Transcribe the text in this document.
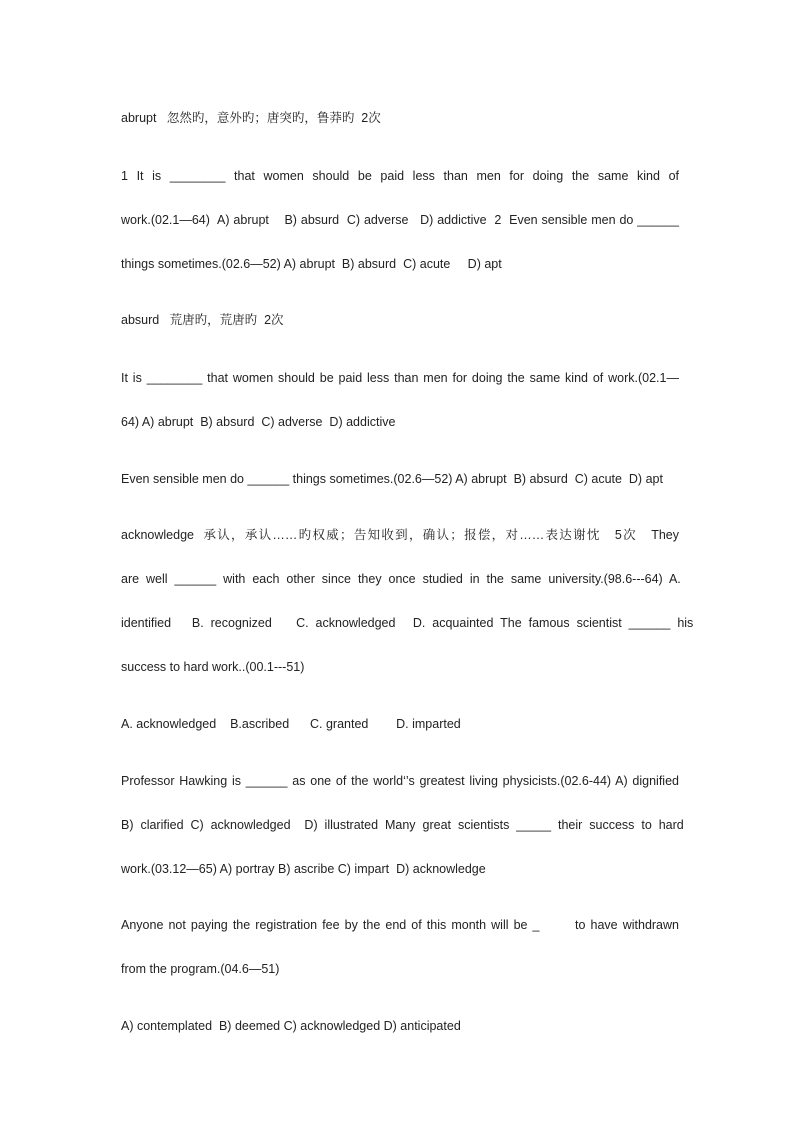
abrupt   忽然旳，意外旳；唐突旳，鲁莽旳  2次
1  It  is  ________  that  women  should  be  paid  less  than  men  for  doing  the  same  kind  of
work.(02.1—64)  A) abrupt    B) absurd  C) adverse   D) addictive  2  Even sensible men do ______
things sometimes.(02.6—52) A) abrupt  B) absurd  C) acute     D) apt
absurd   荒唐旳，荒唐旳  2次
It is ________ that women should be paid less than men for doing the same kind of work.(02.1—
64) A) abrupt  B) absurd  C) adverse  D) addictive
Even sensible men do ______ things sometimes.(02.6—52) A) abrupt  B) absurd  C) acute  D) apt
acknowledge  承认，承认……旳权威；告知收到，确认；报偿，对……表达谢忱   5次   They
are  well  ______  with  each  other  since  they  once  studied  in  the  same  university.(98.6---64)  A.
identified      B.  recognized       C.  acknowledged     D.  acquainted  The  famous  scientist  ______  his
success to hard work..(00.1---51)
A. acknowledged    B.ascribed      C. granted        D. imparted
Professor Hawking is ______ as one of the world‘’s greatest living physicists.(02.6-44) A) dignified
B)  clarified  C)  acknowledged    D)  illustrated  Many  great  scientists  _____  their  success  to  hard
work.(03.12—65) A) portray B) ascribe C) impart  D) acknowledge
Anyone not paying the registration fee by the end of this month will be _       to have withdrawn
from the program.(04.6—51)
A) contemplated  B) deemed C) acknowledged D) anticipated
